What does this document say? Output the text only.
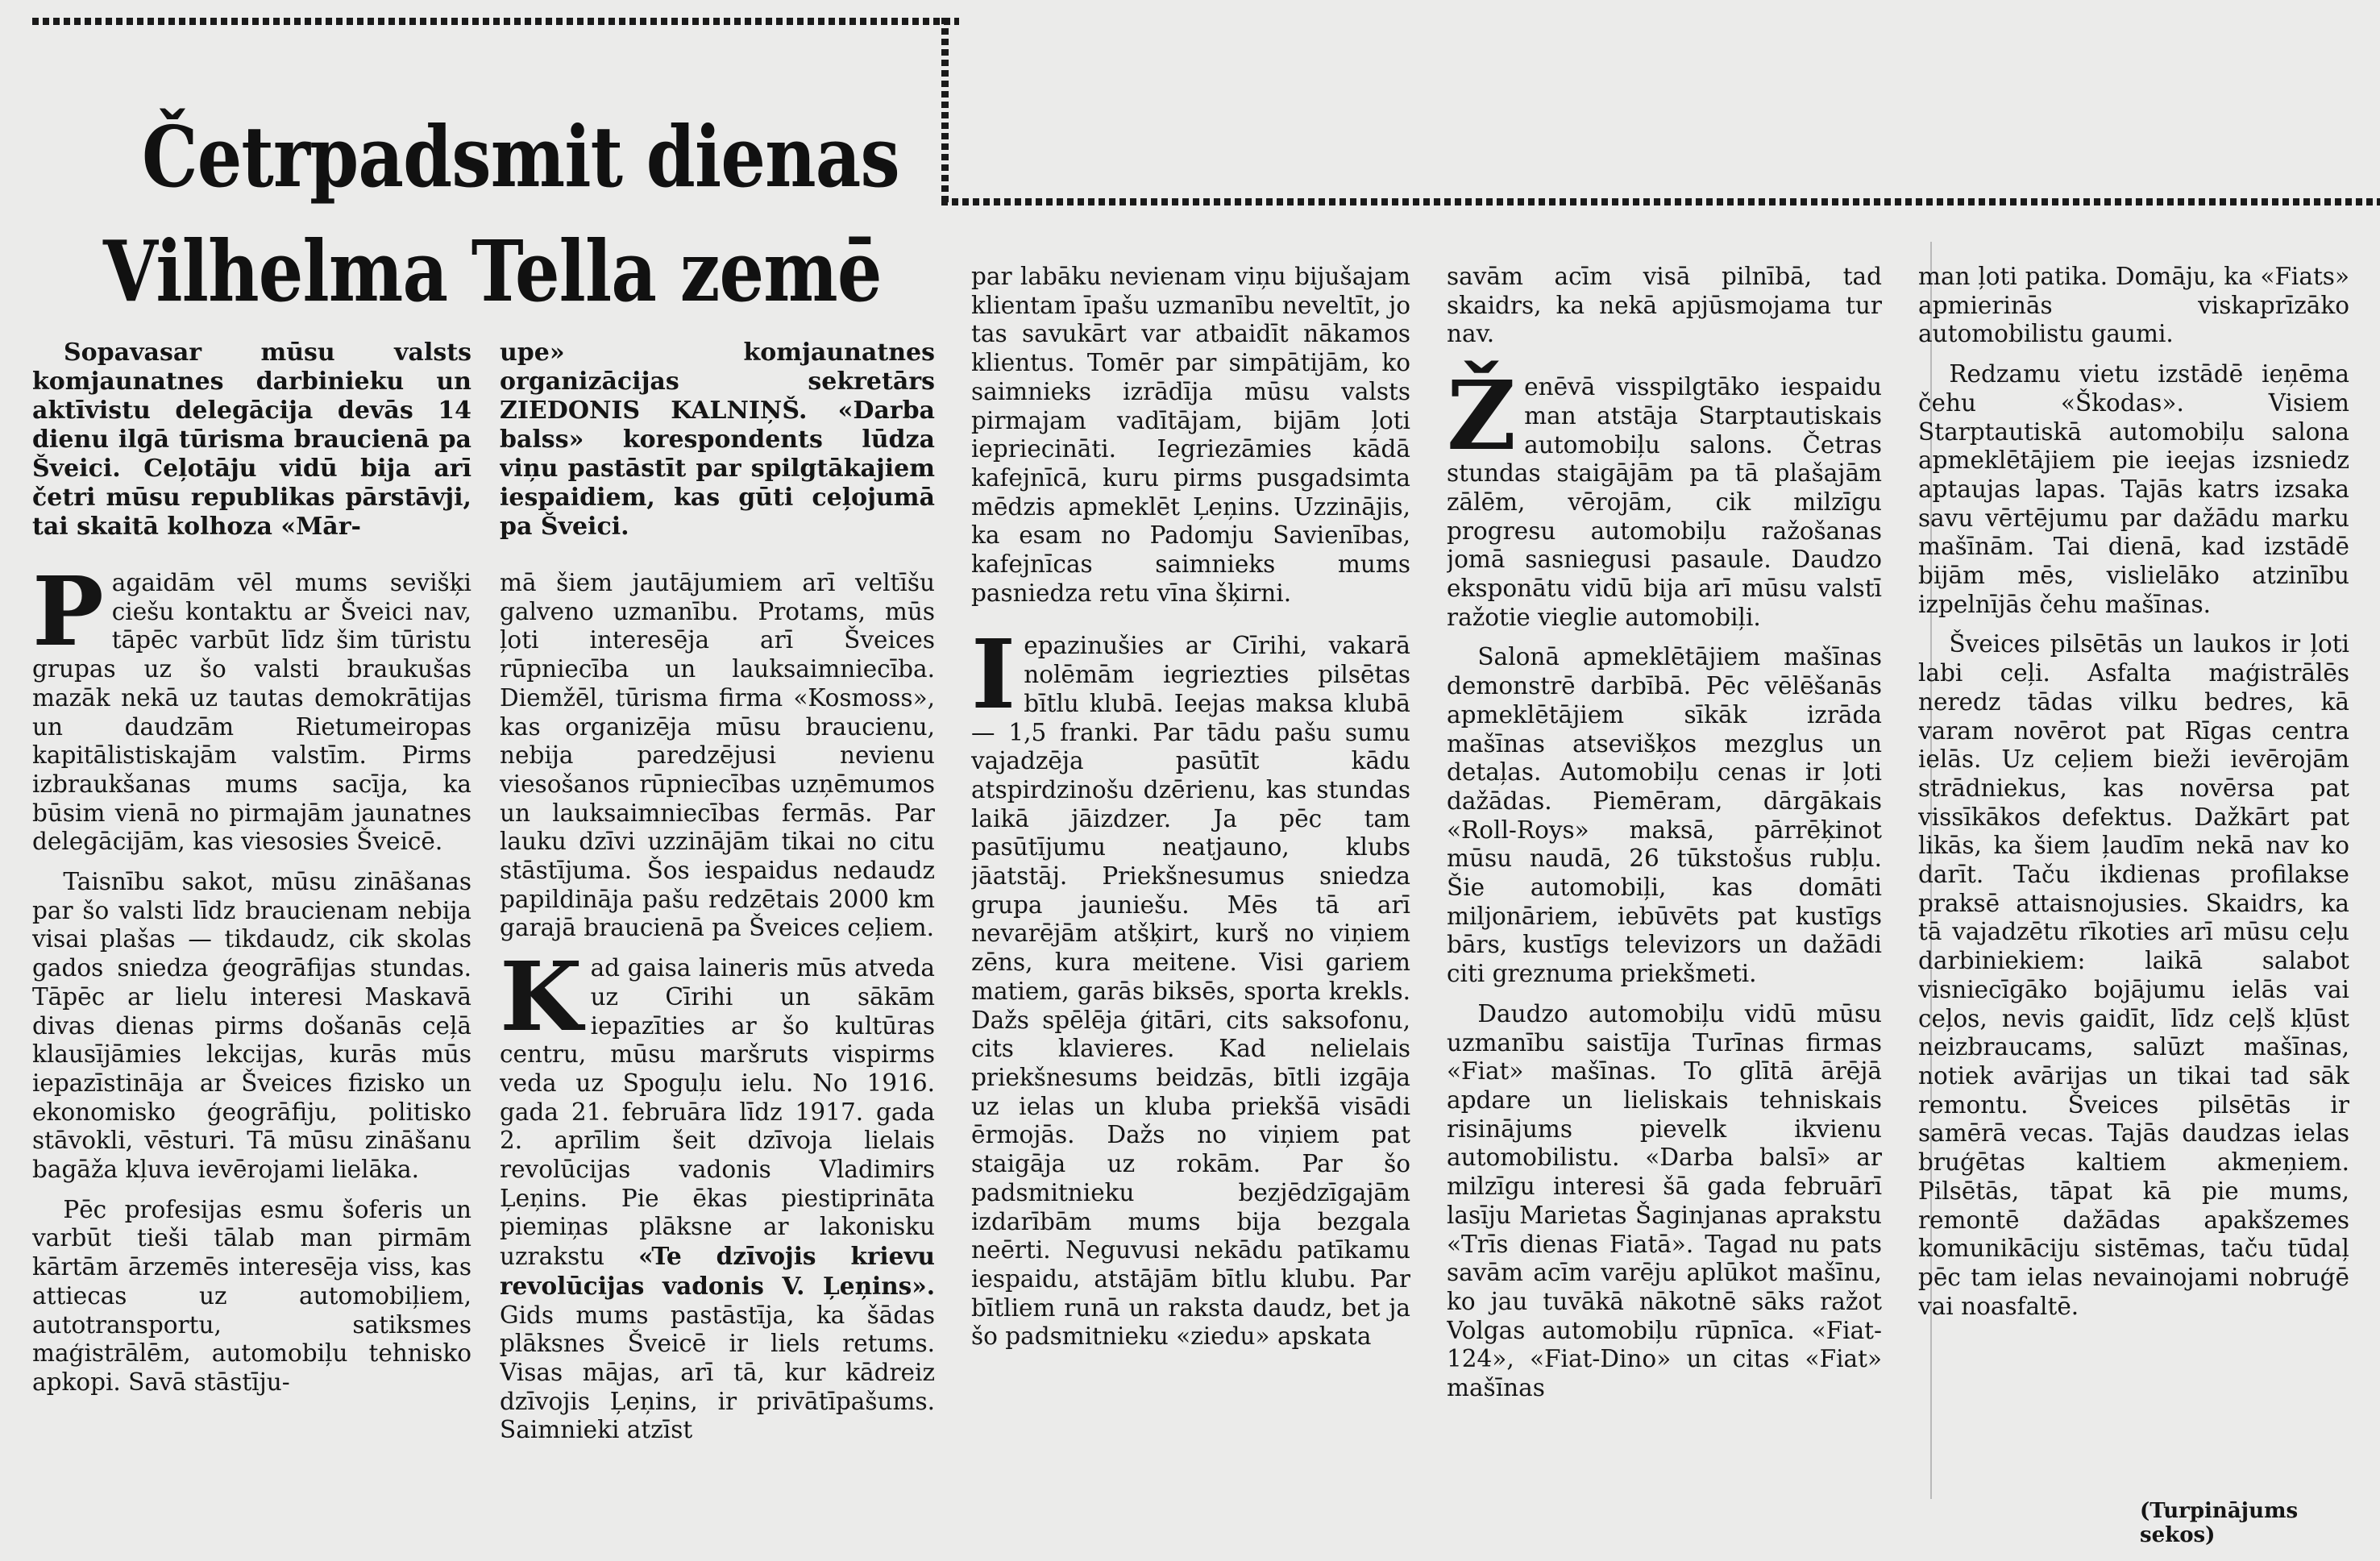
Četrpadsmit dienas
Vilhelma Tella zemē

Sopavasar mūsu valsts komjaunatnes darbinieku un aktīvistu delegācija devās 14 dienu ilgā tūrisma braucienā pa Šveici. Ceļotāju vidū bija arī četri mūsu republikas pārstāvji, tai skaitā kolhoza «Mār-

upe» komjaunatnes organizācijas sekretārs ZIEDONIS KALNIŅŠ. «Darba balss» korespondents lūdza viņu pastāstīt par spilgtākajiem iespaidiem, kas gūti ceļojumā pa Šveici.

Pagaidām vēl mums sevišķi ciešu kontaktu ar Šveici nav, tāpēc varbūt līdz šim tūristu grupas uz šo valsti braukušas mazāk nekā uz tautas demokrātijas un daudzām Rietumeiropas kapitālistiskajām valstīm. Pirms izbraukšanas mums sacīja, ka būsim vienā no pirmajām jaunatnes delegācijām, kas viesosies Šveicē.

Taisnību sakot, mūsu zināšanas par šo valsti līdz braucienam nebija visai plašas — tikdaudz, cik skolas gados sniedza ģeogrāfijas stundas. Tāpēc ar lielu interesi Maskavā divas dienas pirms došanās ceļā klausījāmies lekcijas, kurās mūs iepazīstināja ar Šveices fizisko un ekonomisko ģeogrāfiju, politisko stāvokli, vēsturi. Tā mūsu zināšanu bagāža kļuva ievērojami lielāka.

Pēc profesijas esmu šoferis un varbūt tieši tālab man pirmām kārtām ārzemēs interesēja viss, kas attiecas uz automobiļiem, autotransportu, satiksmes maģistrālēm, automobiļu tehnisko apkopi. Savā stāstīju-

mā šiem jautājumiem arī veltīšu galveno uzmanību. Protams, mūs ļoti interesēja arī Šveices rūpniecība un lauksaimniecība. Diemžēl, tūrisma firma «Kosmoss», kas organizēja mūsu braucienu, nebija paredzējusi nevienu viesošanos rūpniecības uzņēmumos un lauksaimniecības fermās. Par lauku dzīvi uzzinājām tikai no citu stāstījuma. Šos iespaidus nedaudz papildināja pašu redzētais 2000 km garajā braucienā pa Šveices ceļiem.

Kad gaisa laineris mūs atveda uz Cīrihi un sākām iepazīties ar šo kultūras centru, mūsu maršruts vispirms veda uz Spoguļu ielu. No 1916. gada 21. februāra līdz 1917. gada 2. aprīlim šeit dzīvoja lielais revolūcijas vadonis Vladimirs Ļeņins. Pie ēkas piestiprināta piemiņas plāksne ar lakonisku uzrakstu «Te dzīvojis krievu revolūcijas vadonis V. Ļeņins». Gids mums pastāstīja, ka šādas plāksnes Šveicē ir liels retums. Visas mājas, arī tā, kur kādreiz dzīvojis Ļeņins, ir privātīpašums. Saimnieki atzīst

par labāku nevienam viņu bijušajam klientam īpašu uzmanību neveltīt, jo tas savukārt var atbaidīt nākamos klientus. Tomēr par simpātijām, ko saimnieks izrādīja mūsu valsts pirmajam vadītājam, bijām ļoti iepriecināti. Iegriezāmies kādā kafejnīcā, kuru pirms pusgadsimta mēdzis apmeklēt Ļeņins. Uzzinājis, ka esam no Padomju Savienības, kafejnīcas saimnieks mums pasniedza retu vīna šķirni.

Iepazinušies ar Cīrihi, vakarā nolēmām iegriezties pilsētas bītlu klubā. Ieejas maksa klubā — 1,5 franki. Par tādu pašu sumu vajadzēja pasūtīt kādu atspirdzinošu dzērienu, kas stundas laikā jāizdzer. Ja pēc tam pasūtījumu neatjauno, klubs jāatstāj. Priekšnesumus sniedza grupa jauniešu. Mēs tā arī nevarējām atšķirt, kurš no viņiem zēns, kura meitene. Visi gariem matiem, garās biksēs, sporta krekls. Dažs spēlēja ģitāri, cits saksofonu, cits klavieres. Kad nelielais priekšnesums beidzās, bītli izgāja uz ielas un kluba priekšā visādi ērmojās. Dažs no viņiem pat staigāja uz rokām. Par šo padsmitnieku bezjēdzīgajām izdarībām mums bija bezgala neērti. Neguvusi nekādu patīkamu iespaidu, atstājām bītlu klubu. Par bītliem runā un raksta daudz, bet ja šo padsmitnieku «ziedu» apskata

savām acīm visā pilnībā, tad skaidrs, ka nekā apjūsmojama tur nav.

Ženēvā visspilgtāko iespaidu man atstāja Starptautiskais automobiļu salons. Četras stundas staigājām pa tā plašajām zālēm, vērojām, cik milzīgu progresu automobiļu ražošanas jomā sasniegusi pasaule. Daudzo eksponātu vidū bija arī mūsu valstī ražotie vieglie automobiļi.

Salonā apmeklētājiem mašīnas demonstrē darbībā. Pēc vēlēšanās apmeklētājiem sīkāk izrāda mašīnas atsevišķos mezglus un detaļas. Automobiļu cenas ir ļoti dažādas. Piemēram, dārgākais «Roll-Roys» maksā, pārrēķinot mūsu naudā, 26 tūkstošus rubļu. Šie automobiļi, kas domāti miljonāriem, iebūvēts pat kustīgs bārs, kustīgs televizors un dažādi citi greznuma priekšmeti.

Daudzo automobiļu vidū mūsu uzmanību saistīja Turīnas firmas «Fiat» mašīnas. To glītā ārējā apdare un lieliskais tehniskais risinājums pievelk ikvienu automobilistu. «Darba balsī» ar milzīgu interesi šā gada februārī lasīju Marietas Šaginjanas aprakstu «Trīs dienas Fiatā». Tagad nu pats savām acīm varēju aplūkot mašīnu, ko jau tuvākā nākotnē sāks ražot Volgas automobiļu rūpnīca. «Fiat-124», «Fiat-Dino» un citas «Fiat» mašīnas

man ļoti patika. Domāju, ka «Fiats» apmierinās viskaprīzāko automobilistu gaumi.

Redzamu vietu izstādē ieņēma čehu «Škodas». Visiem Starptautiskā automobiļu salona apmeklētājiem pie ieejas izsniedz aptaujas lapas. Tajās katrs izsaka savu vērtējumu par dažādu marku mašīnām. Tai dienā, kad izstādē bijām mēs, vislielāko atzinību izpelnījās čehu mašīnas.

Šveices pilsētās un laukos ir ļoti labi ceļi. Asfalta maģistrālēs neredz tādas vilku bedres, kā varam novērot pat Rīgas centra ielās. Uz ceļiem bieži ievērojām strādniekus, kas novērsa pat vissīkākos defektus. Dažkārt pat likās, ka šiem ļaudīm nekā nav ko darīt. Taču ikdienas profilakse praksē attaisnojusies. Skaidrs, ka tā vajadzētu rīkoties arī mūsu ceļu darbiniekiem: laikā salabot visniecīgāko bojājumu ielās vai ceļos, nevis gaidīt, līdz ceļš kļūst neizbraucams, salūzt mašīnas, notiek avārijas un tikai tad sāk remontu. Šveices pilsētās ir samērā vecas. Tajās daudzas ielas bruģētas kaltiem akmeņiem. Pilsētās, tāpat kā pie mums, remontē dažādas apakšzemes komunikāciju sistēmas, taču tūdaļ pēc tam ielas nevainojami nobruģē vai noasfaltē.

(Turpinājums sekos)
